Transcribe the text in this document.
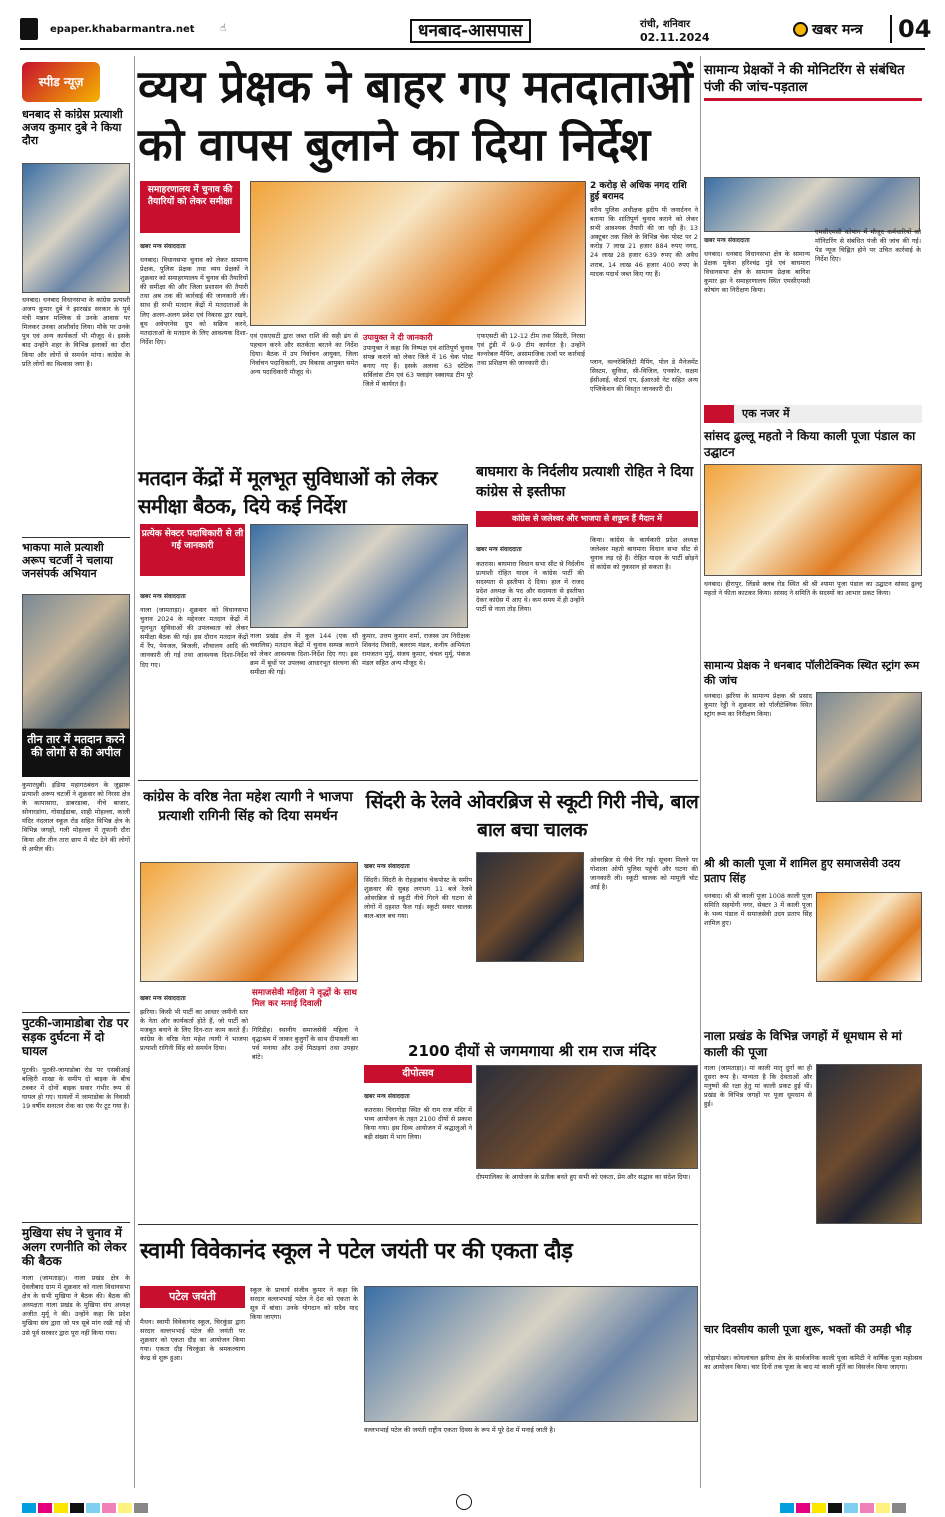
epaper.khabarmantra.net	☝	धनबाद-आसपास	रांची, शनिवार
02.11.2024	खबर मन्त्र	04
स्पीड न्यूज़	व्यय प्रेक्षक ने बाहर गए मतदाताओं को वापस बुलाने का दिया निर्देश
धनबाद से कांग्रेस प्रत्याशी अजय कुमार दुबे ने किया दौरा
धनबाद। धनबाद विधानसभा के कांग्रेस प्रत्याशी अजय कुमार दुबे ने झारखंड सरकार के पूर्व मंत्री मन्नान मल्लिक से उनके आवास पर मिलकर उनका आशीर्वाद लिया। मौके पर उनके पुत्र एवं अन्य कार्यकर्ता भी मौजूद थे। इसके बाद उन्होंने शहर के विभिन्न इलाकों का दौरा किया और लोगों से समर्थन मांगा। कांग्रेस के प्रति लोगों का विश्वास जगा है।
भाकपा माले प्रत्याशी अरूप चटर्जी ने चलाया जनसंपर्क अभियान
तीन तार में मतदान करने की लोगों से की अपील
कुमारधुबी। इंडिया महागठबंधन के जुझारू प्रत्याशी अरूप चटर्जी ने शुक्रवार को निरसा क्षेत्र के कापासारा, डाबरडाबा, नीचे बाजार, सोनारडांगा, गोसाईंडाबा, शाही मोहल्ला, काली मंदिर नंदलाल स्कूल रोड सहित विभिन्न क्षेत्र के विभिन्न जगहों, गली मोहल्ला में तूफानी दौरा किया और तीन तारा छाप में वोट देने की लोगों से अपील की।
पुटकी-जामाडोबा रोड पर सड़क दुर्घटना में दो घायल
पुटकी। पुटकी-जामाडोबा रोड पर एसबीआई बल्हिरी शाखा के समीप दो बाइक के बीच टक्कर में दोनों बाइक सवार गंभीर रूप से घायल हो गए। घायलों में जामाडोबा के निवासी 19 वर्षीय सनातन रोक का एक पैर टूट गया है।
मुखिया संघ ने चुनाव में अलग रणनीति को लेकर की बैठक
नाला (जामताड़ा)। नाला प्रखंड क्षेत्र के देवलीबाद ग्राम में शुक्रवार को नाला विधानसभा क्षेत्र के सभी मुखिया ने बैठक की। बैठक की अध्यक्षता नाला प्रखंड के मुखिया संघ अध्यक्ष अजीत मुर्मू ने की। उन्होंने कहा कि प्रदेश मुखिया संघ द्वारा जो पत्र सूबे मांग रखी गई थी उसे पूर्व सरकार द्वारा पूरा नहीं किया गया।
समाहरणालय में चुनाव की तैयारियों को लेकर समीक्षा
खबर मन्त्र संवाददाता
धनबाद। विधानसभा चुनाव को लेकर सामान्य प्रेक्षक, पुलिस प्रेक्षक तथा व्यय प्रेक्षकों ने शुक्रवार को समाहरणालय में चुनाव की तैयारियों की समीक्षा की और जिला प्रशासन की तैयारी तथा अब तक की कार्रवाई की जानकारी ली। साथ ही सभी मतदान केंद्रों में मतदाताओं के लिए अलग-अलग प्रवेश एवं निकास द्वार रखने, बूथ अवेयरनेस ग्रुप को सक्रिय करने, मतदाताओं के मतदान के लिए आवश्यक दिशा-निर्देश दिए।
एवं एसएसटी द्वारा जब्त राशि की सही ढंग से पहचान करने और सतर्कता बरतने का निर्देश दिया। बैठक में उप निर्वाचन आयुक्त, जिला निर्वाचन पदाधिकारी, उप विकास आयुक्त समेत अन्य पदाधिकारी मौजूद थे।
उपायुक्त ने दी जानकारी
उपायुक्त ने कहा कि निष्पक्ष एवं शांतिपूर्ण चुनाव संपन्न कराने को लेकर जिले में 16 चेक पोस्ट बनाए गए हैं। इसके अलावा 63 स्टेटिक सर्विलांस टीम एवं 63 फ्लाइंग स्क्वायड टीम पूरे जिले में कार्यरत है।
एफएसटी की 12-12 टीम तथा सिंदरी, निरसा एवं टुंडी में 9-9 टीम कार्यरत है। उन्होंने वल्नरेबल मैपिंग, असामाजिक तत्वों पर कार्रवाई तथा प्रशिक्षण की जानकारी दी।
2 करोड़ से अधिक नगद राशि हुई बरामद
वरीय पुलिस अधीक्षक ह्रदीप पी जनार्दनन ने बताया कि शांतिपूर्ण चुनाव कराने को लेकर सभी आवश्यक तैयारी की जा रही है। 13 अक्टूबर तक जिले के विभिन्न चेक पोस्ट पर 2 करोड़ 7 लाख 21 हजार 884 रुपए नगद, 24 लाख 28 हजार 639 रुपए की अवैध शराब, 14 लाख 46 हजार 400 रुपए के मादक पदार्थ जब्त किए गए हैं।
प्लान, वल्नरेबिलिटी मैपिंग, पोल डे मैनेजमेंट सिस्टम, सुविधा, सी-विजिल, एनकोर, सक्षम ईसीआई, वोटर्स एप, ईआरओ नेट सहित अन्य एप्लिकेशन की विस्तृत जानकारी दी।
सामान्य प्रेक्षकों ने की मोनिटरिंग से संबंधित पंजी की जांच-पड़ताल
खबर मन्त्र संवाददाता
धनबाद। धनबाद विधानसभा क्षेत्र के सामान्य प्रेक्षक मुकेश हरिश्चंद्र मुंडे एवं बाघमारा विधानसभा क्षेत्र के सामान्य प्रेक्षक बागिश कुमार झा ने समाहरणालय स्थित एमसीएमसी कोषांग का निरीक्षण किया।
एमसीएमसी कोषांग में मौजूद कर्मचारियों को मॉनिटरिंग से संबंधित पंजी की जांच की गई। पेड न्यूज चिह्नित होने पर उचित कार्रवाई के निर्देश दिए।
एक नजर में
मतदान केंद्रों में मूलभूत सुविधाओं को लेकर समीक्षा बैठक, दिये कई निर्देश
प्रत्येक सेक्टर पदाधिकारी से ली गई जानकारी
खबर मन्त्र संवाददाता
नाला (जामताड़ा)। शुक्रवार को विधानसभा चुनाव 2024 के मद्देनजर मतदान केंद्रों में मूलभूत सुविधाओं की उपलब्धता को लेकर समीक्षा बैठक की गई। इस दौरान मतदान केंद्रों में रैंप, पेयजल, बिजली, शौचालय आदि की जानकारी ली गई तथा आवश्यक दिशा-निर्देश दिए गए।
नाला प्रखंड क्षेत्र में कुल 144 (एक सौ चवालिस) मतदान केंद्रों में चुनाव सम्पन्न कराने को लेकर आवश्यक दिशा-निर्देश दिए गए। इस क्रम में बूथों पर उपलब्ध आधारभूत संरचना की समीक्षा की गई।
कुमार, उत्तम कुमार शर्मा, राजस्व उप निरीक्षक शिवनंद तिवारी, बलराम मंडल, कनीय अभियंता रामजतन मुर्मू, संजय कुमार, चंचल मुर्मू, पंकज मंडल सहित अन्य मौजूद थे।
बाघमारा के निर्दलीय प्रत्याशी रोहित ने दिया कांग्रेस से इस्तीफा
कांग्रेस से जलेश्वर और भाजपा से शत्रुघ्न हैं मैदान में
खबर मन्त्र संवाददाता
कतरास। बाघमारा विधान सभा सीट से निर्दलीय प्रत्याशी रोहित यादव ने कांग्रेस पार्टी की सदस्यता से इस्तीफा दे दिया। हाल में राजद प्रदेश अध्यक्ष के पद और सदस्यता से इस्तीफा देकर कांग्रेस में आए थे। कम समय में ही उन्होंने पार्टी से नाता तोड़ लिया।
किया। कांग्रेस के कार्यकारी प्रदेश अध्यक्ष जलेश्वर महतो बाघमारा विधान सभा सीट से चुनाव लड़ रहे हैं। रोहित यादव के पार्टी छोड़ने से कांग्रेस को नुकसान हो सकता है।
कांग्रेस के वरिष्ठ नेता महेश त्यागी ने भाजपा प्रत्याशी रागिनी सिंह को दिया समर्थन
खबर मन्त्र संवाददाता
झरिया। किसी भी पार्टी का आधार जमीनी स्तर के नेता और कार्यकर्ता होते हैं, जो पार्टी को मजबूत बनाने के लिए दिन-रात काम करते हैं। कांग्रेस के वरिष्ठ नेता महेश त्यागी ने भाजपा प्रत्याशी रागिनी सिंह को समर्थन दिया।
समाजसेवी महिला ने वृद्धों के साथ मिल कर मनाई दिवाली
गिरिडीह। स्थानीय समाजसेवी महिला ने वृद्धाश्रम में जाकर बुजुर्गों के साथ दीपावली का पर्व मनाया और उन्हें मिठाइयां तथा उपहार बांटे।
सिंदरी के रेलवे ओवरब्रिज से स्कूटी गिरी नीचे, बाल बाल बचा चालक
खबर मन्त्र संवाददाता
सिंदरी। सिंदरी के रोहड़ाबांध चेकपोस्ट के समीप शुक्रवार की सुबह लगभग 11 बजे रेलवे ओवरब्रिज से स्कूटी नीचे गिरने की घटना से लोगों में दहशत फैल गई। स्कूटी सवार चालक बाल-बाल बच गया।
ओवरब्रिज से नीचे गिर गई। सूचना मिलने पर गोशाला ओपी पुलिस पहुंची और घटना की जानकारी ली। स्कूटी चालक को मामूली चोट आई है।
2100 दीयों से जगमगाया श्री राम राज मंदिर
दीपोत्सव
खबर मन्त्र संवाददाता
कतरास। चिरागोड़ा स्थित श्री राम राज मंदिर में भव्य आयोजन के तहत 2100 दीयों से प्रकाश किया गया। इस दिव्य आयोजन में श्रद्धालुओं ने बड़ी संख्या में भाग लिया।
दीपमालिका के आयोजन के प्रतीक बनते हुए सभी को एकता, प्रेम और सद्भाव का संदेश दिया।
स्वामी विवेकानंद स्कूल ने पटेल जयंती पर की एकता दौड़
पटेल जयंती
मैथन। स्वामी विवेकानंद स्कूल, चिरकुंडा द्वारा सरदार वल्लभभाई पटेल की जयंती पर शुक्रवार को एकता दौड़ का आयोजन किया गया। एकता दौड़ चिरकुंडा के श्रमकल्याण केन्द्र से शुरू हुआ।
स्कूल के प्राचार्य संजीव कुमार ने कहा कि सरदार वल्लभभाई पटेल ने देश को एकता के सूत्र में बांधा। उनके योगदान को सदैव याद किया जाएगा।
वल्लभभाई पटेल की जयंती राष्ट्रीय एकता दिवस के रूप में पूरे देश में मनाई जाती है।
सांसद ढुल्लू महतो ने किया काली पूजा पंडाल का उद्घाटन
धनबाद। हीरापुर, लिंडसे क्लब रोड स्थित श्री श्री श्यामा पूजा पंडाल का उद्घाटन सांसद ढुल्लू महतो ने फीता काटकर किया। सांसद ने समिति के सदस्यों का आभार प्रकट किया।
सामान्य प्रेक्षक ने धनबाद पॉलीटेक्निक स्थित स्ट्रांग रूम की जांच
धनबाद। झरिया के सामान्य प्रेक्षक श्री प्रसाद कुमार रेड्डी ने शुक्रवार को पॉलीटेक्निक स्थित स्ट्रांग रूम का निरीक्षण किया।
श्री श्री काली पूजा में शामिल हुए समाजसेवी उदय प्रताप सिंह
धनबाद। श्री श्री काली पूजा 1008 काली पूजा समिति सहयोगी नगर, सेक्टर 3 में काली पूजा के भव्य पंडाल में समाजसेवी उदय प्रताप सिंह शामिल हुए।
नाला प्रखंड के विभिन्न जगहों में धूमधाम से मां काली की पूजा
नाला (जामताड़ा)। मां काली मातृ दुर्गा का ही दूसरा रूप है। मान्यता है कि देवताओं और मनुष्यों की रक्षा हेतु मां काली प्रकट हुई थीं। प्रखंड के विभिन्न जगहों पर पूजा धूमधाम से हुई।
चार दिवसीय काली पूजा शुरू, भक्तों की उमड़ी भीड़
जोड़ापोखर। कोयलांचल झरिया क्षेत्र के सार्वजनिक काली पूजा कमिटी ने वार्षिक पूजा महोत्सव का आयोजन किया। चार दिनों तक पूजा के बाद मां काली मूर्ति का विसर्जन किया जाएगा।
